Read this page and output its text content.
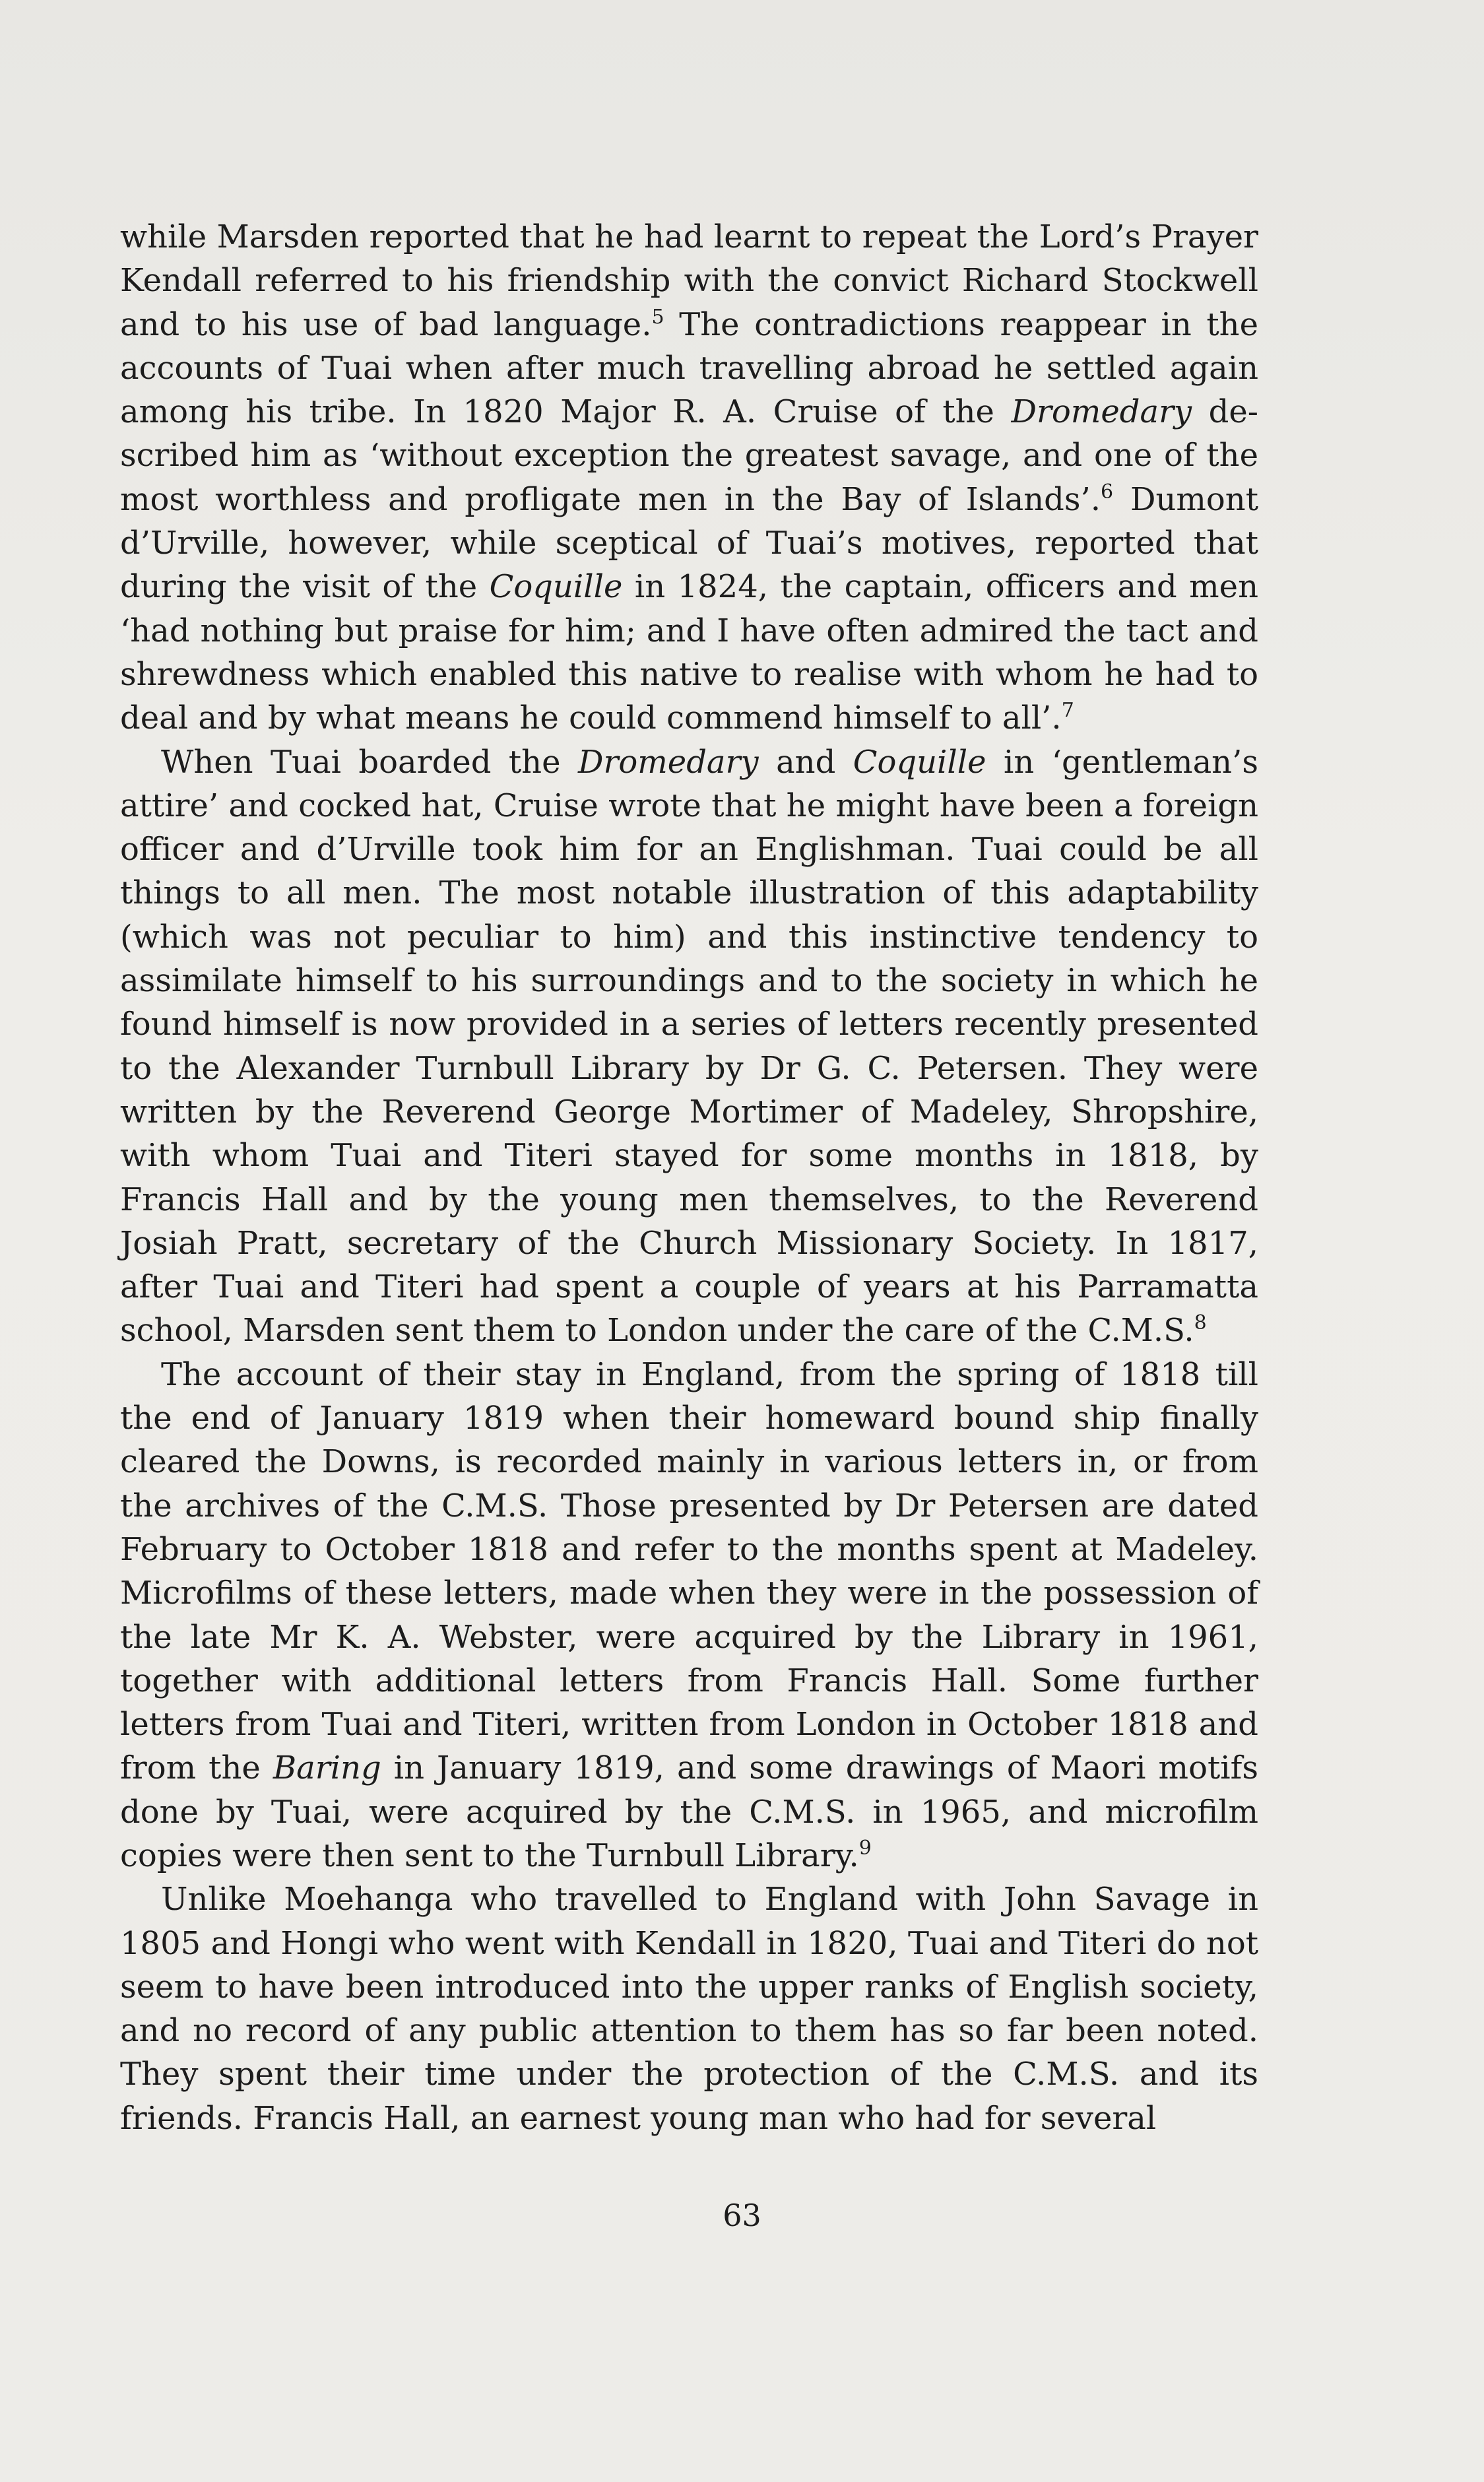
while Marsden reported that he had learnt to repeat the Lord’s Prayer Kendall referred to his friendship with the convict Richard Stockwell and to his use of bad language.$^5$ The contradictions reappear in the accounts of Tuai when after much travelling abroad he settled again among his tribe. In 1820 Major R. A. Cruise of the Dromedary described him as ‘without exception the greatest savage, and one of the most worthless and profligate men in the Bay of Islands’.$^6$ Dumont d’Urville, however, while sceptical of Tuai’s motives, reported that during the visit of the Coquille in 1824, the captain, officers and men ‘had nothing but praise for him; and I have often admired the tact and shrewdness which enabled this native to realise with whom he had to deal and by what means he could commend himself to all’.$^7$

When Tuai boarded the Dromedary and Coquille in ‘gentleman’s attire’ and cocked hat, Cruise wrote that he might have been a foreign officer and d’Urville took him for an Englishman. Tuai could be all things to all men. The most notable illustration of this adaptability (which was not peculiar to him) and this instinctive tendency to assimilate himself to his surroundings and to the society in which he found himself is now provided in a series of letters recently presented to the Alexander Turnbull Library by Dr G. C. Petersen. They were written by the Reverend George Mortimer of Madeley, Shropshire, with whom Tuai and Titeri stayed for some months in 1818, by Francis Hall and by the young men themselves, to the Reverend Josiah Pratt, secretary of the Church Missionary Society. In 1817, after Tuai and Titeri had spent a couple of years at his Parramatta school, Marsden sent them to London under the care of the C.M.S.$^8$

The account of their stay in England, from the spring of 1818 till the end of January 1819 when their homeward bound ship finally cleared the Downs, is recorded mainly in various letters in, or from the archives of the C.M.S. Those presented by Dr Petersen are dated February to October 1818 and refer to the months spent at Madeley. Microfilms of these letters, made when they were in the possession of the late Mr K. A. Webster, were acquired by the Library in 1961, together with additional letters from Francis Hall. Some further letters from Tuai and Titeri, written from London in October 1818 and from the Baring in January 1819, and some drawings of Maori motifs done by Tuai, were acquired by the C.M.S. in 1965, and microfilm copies were then sent to the Turnbull Library.$^9$

Unlike Moehanga who travelled to England with John Savage in 1805 and Hongi who went with Kendall in 1820, Tuai and Titeri do not seem to have been introduced into the upper ranks of English society, and no record of any public attention to them has so far been noted. They spent their time under the protection of the C.M.S. and its friends. Francis Hall, an earnest young man who had for several

63
